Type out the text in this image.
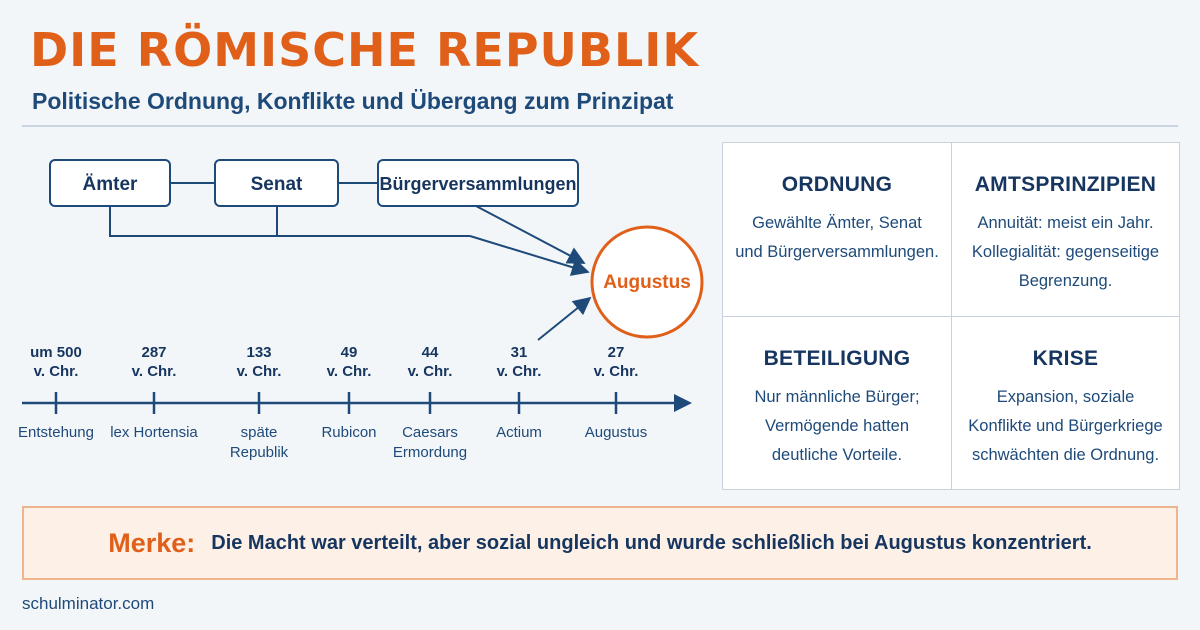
DIE RÖMISCHE REPUBLIK
Politische Ordnung, Konflikte und Übergang zum Prinzipat
Ämter	Senat	Bürgerversammlungen
Augustus
um 500
v. Chr.
Entstehung
287
v. Chr.
lex Hortensia
133
v. Chr.
späte
Republik
49
v. Chr.
Rubicon
44
v. Chr.
Caesars
Ermordung
31
v. Chr.
Actium
27
v. Chr.
Augustus
ORDNUNG
Gewählte Ämter, Senat
und Bürgerversammlungen.
AMTSPRINZIPIEN
Annuität: meist ein Jahr.
Kollegialität: gegenseitige
Begrenzung.
BETEILIGUNG
Nur männliche Bürger;
Vermögende hatten
deutliche Vorteile.
KRISE
Expansion, soziale
Konflikte und Bürgerkriege
schwächten die Ordnung.
Merke: Die Macht war verteilt, aber sozial ungleich und wurde schließlich bei Augustus konzentriert.
schulminator.com
